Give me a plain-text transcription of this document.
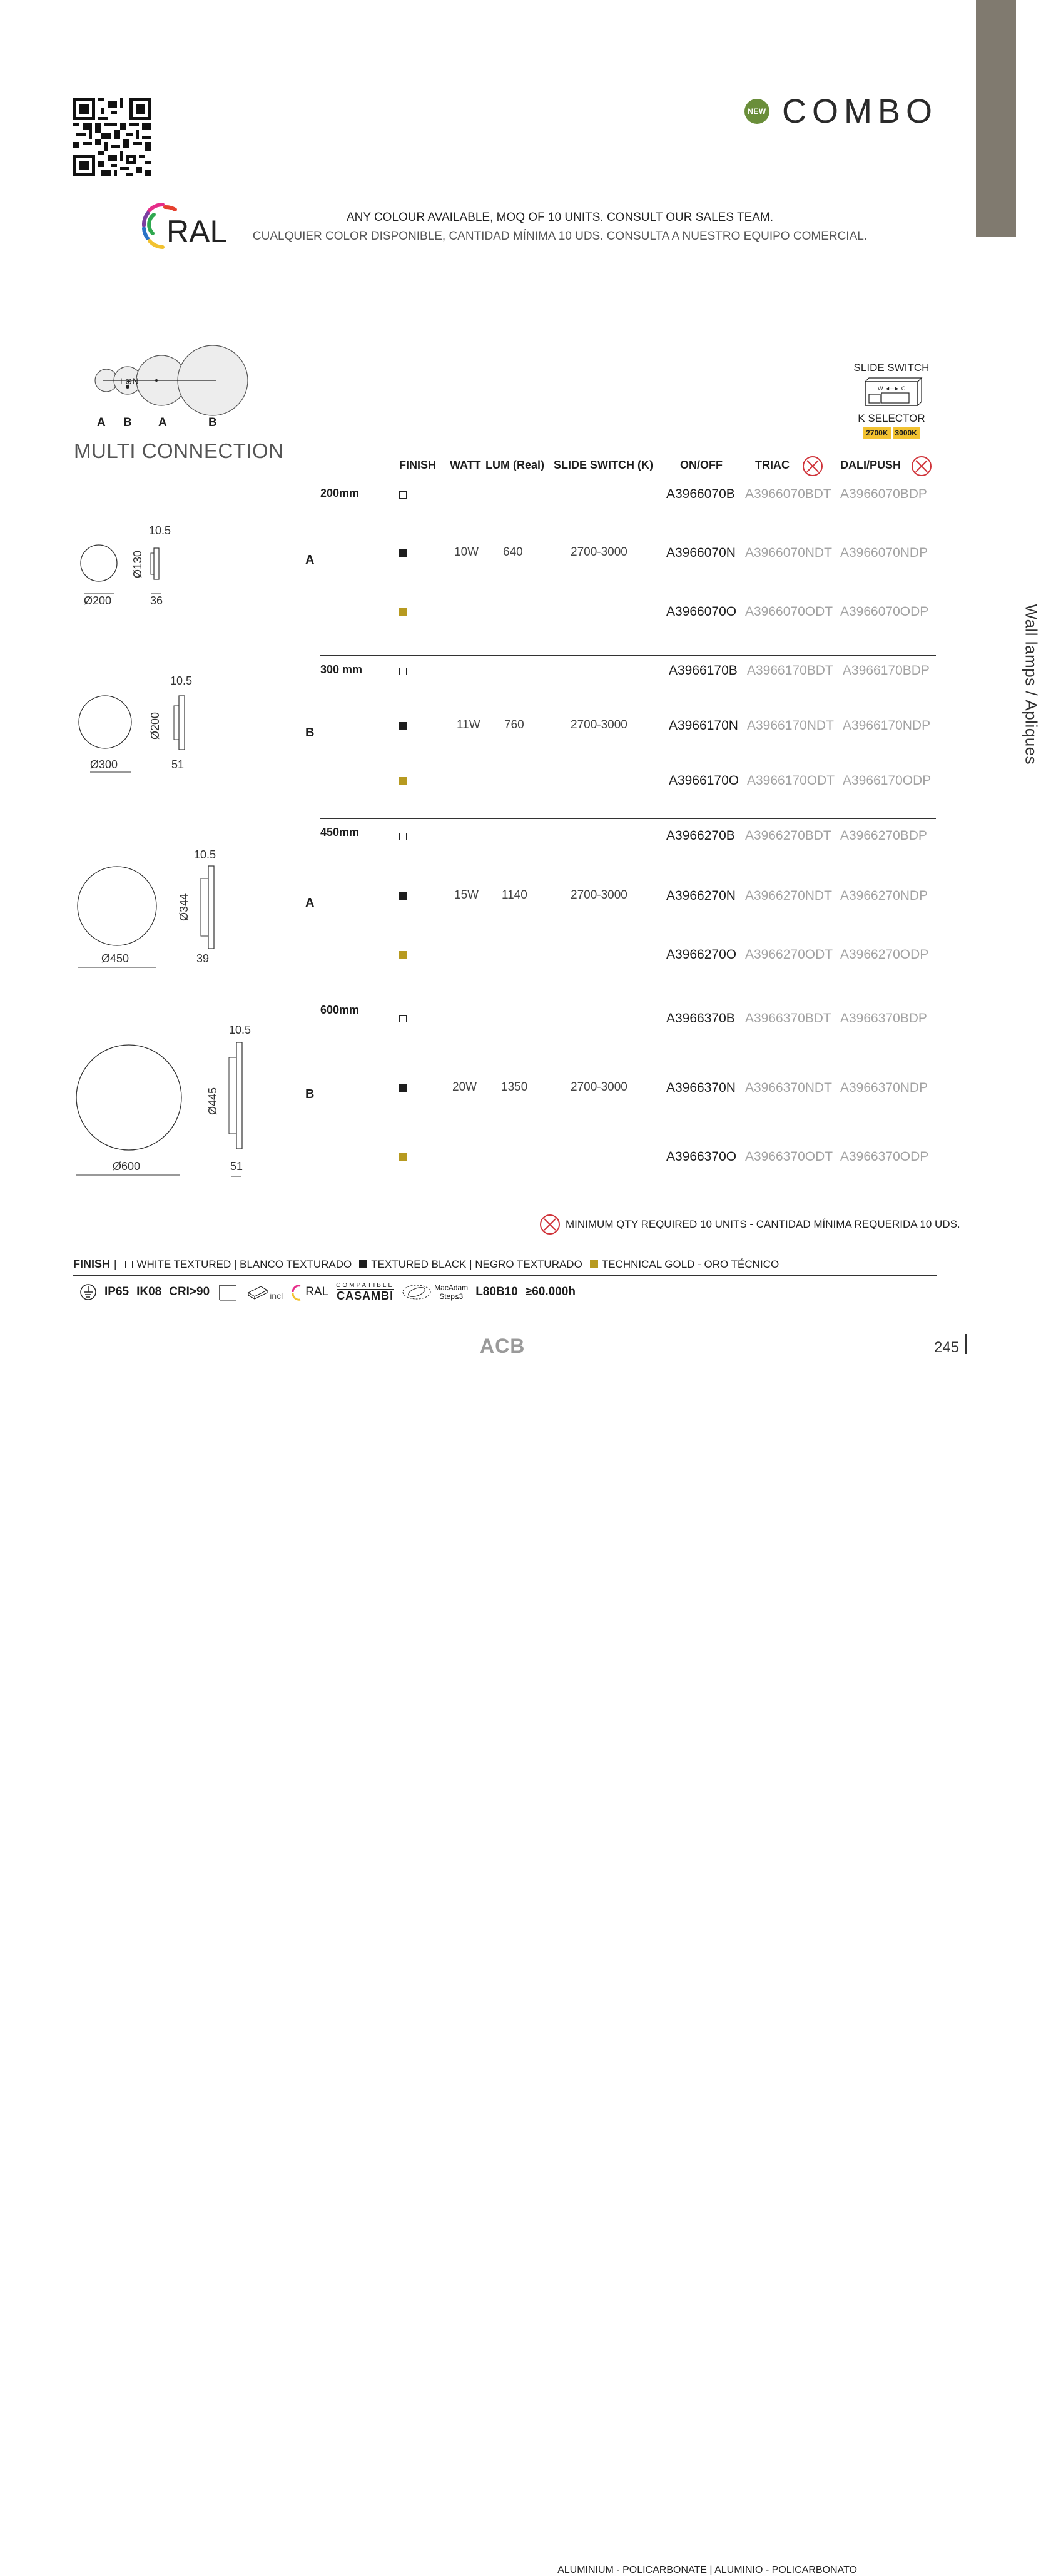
NEW COMBO
RAL	ANY COLOUR AVAILABLE, MOQ OF 10 UNITS. CONSULT OUR SALES TEAM.
CUALQUIER COLOR DISPONIBLE, CANTIDAD MÍNIMA 10 UDS. CONSULTA A NUESTRO EQUIPO COMERCIAL.
L⊕N
A	B	A	B
MULTI CONNECTION
SLIDE SWITCH
W ◄─► C
K SELECTOR
2700K 3000K
FINISH WATT LUM (Real) SLIDE SWITCH (K) ON/OFF	TRIAC	DALI/PUSH
200mm
A
10W 640	2700-3000
A3966070B A3966070BDT A3966070BDP
A3966070N A3966070NDT A3966070NDP
A3966070O A3966070ODT A3966070ODP
Ø200	36
10.5
Ø130
300 mm
B
11W 760	2700-3000
A3966170B A3966170BDT A3966170BDP
A3966170N A3966170NDT A3966170NDP
A3966170O A3966170ODT A3966170ODP
Ø300	51
10.5
Ø200
450mm
A
15W 1140	2700-3000
A3966270B A3966270BDT A3966270BDP
A3966270N A3966270NDT A3966270NDP
A3966270O A3966270ODT A3966270ODP
Ø450	39
10.5
Ø344
600mm
B
20W 1350	2700-3000
A3966370B A3966370BDT A3966370BDP
A3966370N A3966370NDT A3966370NDP
A3966370O A3966370ODT A3966370ODP
Ø600	51
10.5
Ø445
MINIMUM QTY REQUIRED 10 UNITS - CANTIDAD MÍNIMA REQUERIDA 10 UDS.
FINISH | WHITE TEXTURED | BLANCO TEXTURADO TEXTURED BLACK | NEGRO TEXTURADO TECHNICAL GOLD - ORO TÉCNICO
IP65 IK08 CRI>90	incl RAL COMPATIBLE
CASAMBI
MacAdam
Step≤3 L80B10 ≥60.000h
ALUMINIUM - POLICARBONATE | ALUMINIO - POLICARBONATO
Wall lamps / Apliques
ACB	245
